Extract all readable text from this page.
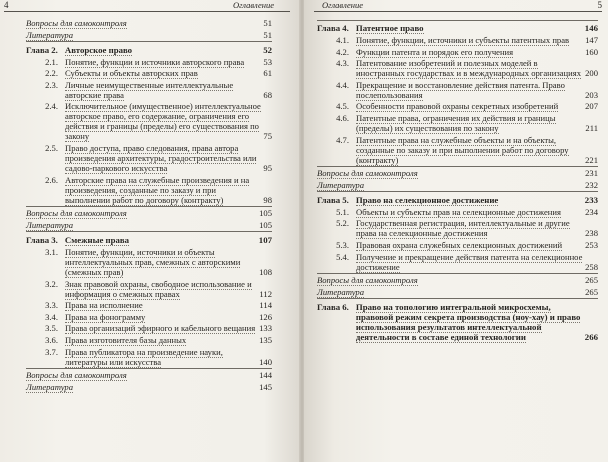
4	Оглавление
Вопросы для самоконтроля	51
Литература	51
Глава 2. Авторское право	52
2.1. Понятие, функции и источники авторского права	53
2.2. Субъекты и объекты авторских прав	61
2.3. Личные неимущественные интеллектуальные авторские права	68
2.4. Исключительное (имущественное) интеллектуальное авторское право, его содержание, ограничения его действия и границы (пределы) его существования по закону	75
2.5. Право доступа, право следования, права автора произведения архитектуры, градостроительства или садово-паркового искусства	95
2.6. Авторские права на служебные произведения и на произведения, созданные по заказу и при выполнении работ по договору (контракту)	98
Вопросы для самоконтроля	105
Литература	105
Глава 3. Смежные права	107
3.1. Понятие, функции, источники и объекты интеллектуальных прав, смежных с авторскими (смежных прав)	108
3.2. Знак правовой охраны, свободное использование и информация о смежных правах	112
3.3. Права на исполнение	114
3.4. Права на фонограмму	126
3.5. Права организаций эфирного и кабельного вещания 133
3.6. Права изготовителя базы данных	135
3.7. Права публикатора на произведение науки, литературы или искусства	140
Вопросы для самоконтроля	144
Литература	145
Оглавление	5
Глава 4. Патентное право	146
4.1. Понятие, функции, источники и субъекты патентных прав	147
4.2. Функции патента и порядок его получения	160
4.3. Патентование изобретений и полезных моделей в иностранных государствах и в международных организациях 200
4.4. Прекращение и восстановление действия патента. Право послепользования	203
4.5. Особенности правовой охраны секретных изобретений	207
4.6. Патентные права, ограничения их действия и границы (пределы) их существования по закону	211
4.7. Патентные права на служебные объекты и на объекты, созданные по заказу и при выполнении работ по договору (контракту)	221
Вопросы для самоконтроля	231
Литература	232
Глава 5. Право на селекционное достижение	233
5.1. Объекты и субъекты прав на селекционные достижения	234
5.2. Государственная регистрация, интеллектуальные и другие права на селекционные достижения	238
5.3. Правовая охрана служебных селекционных достижений	253
5.4. Получение и прекращение действия патента на селекционное достижение	258
Вопросы для самоконтроля	265
Литература	265
Глава 6. Право на топологию интегральной микросхемы, правовой режим секрета производства (ноу-хау) и право использования результатов интеллектуальной деятельности в составе единой технологии	266
